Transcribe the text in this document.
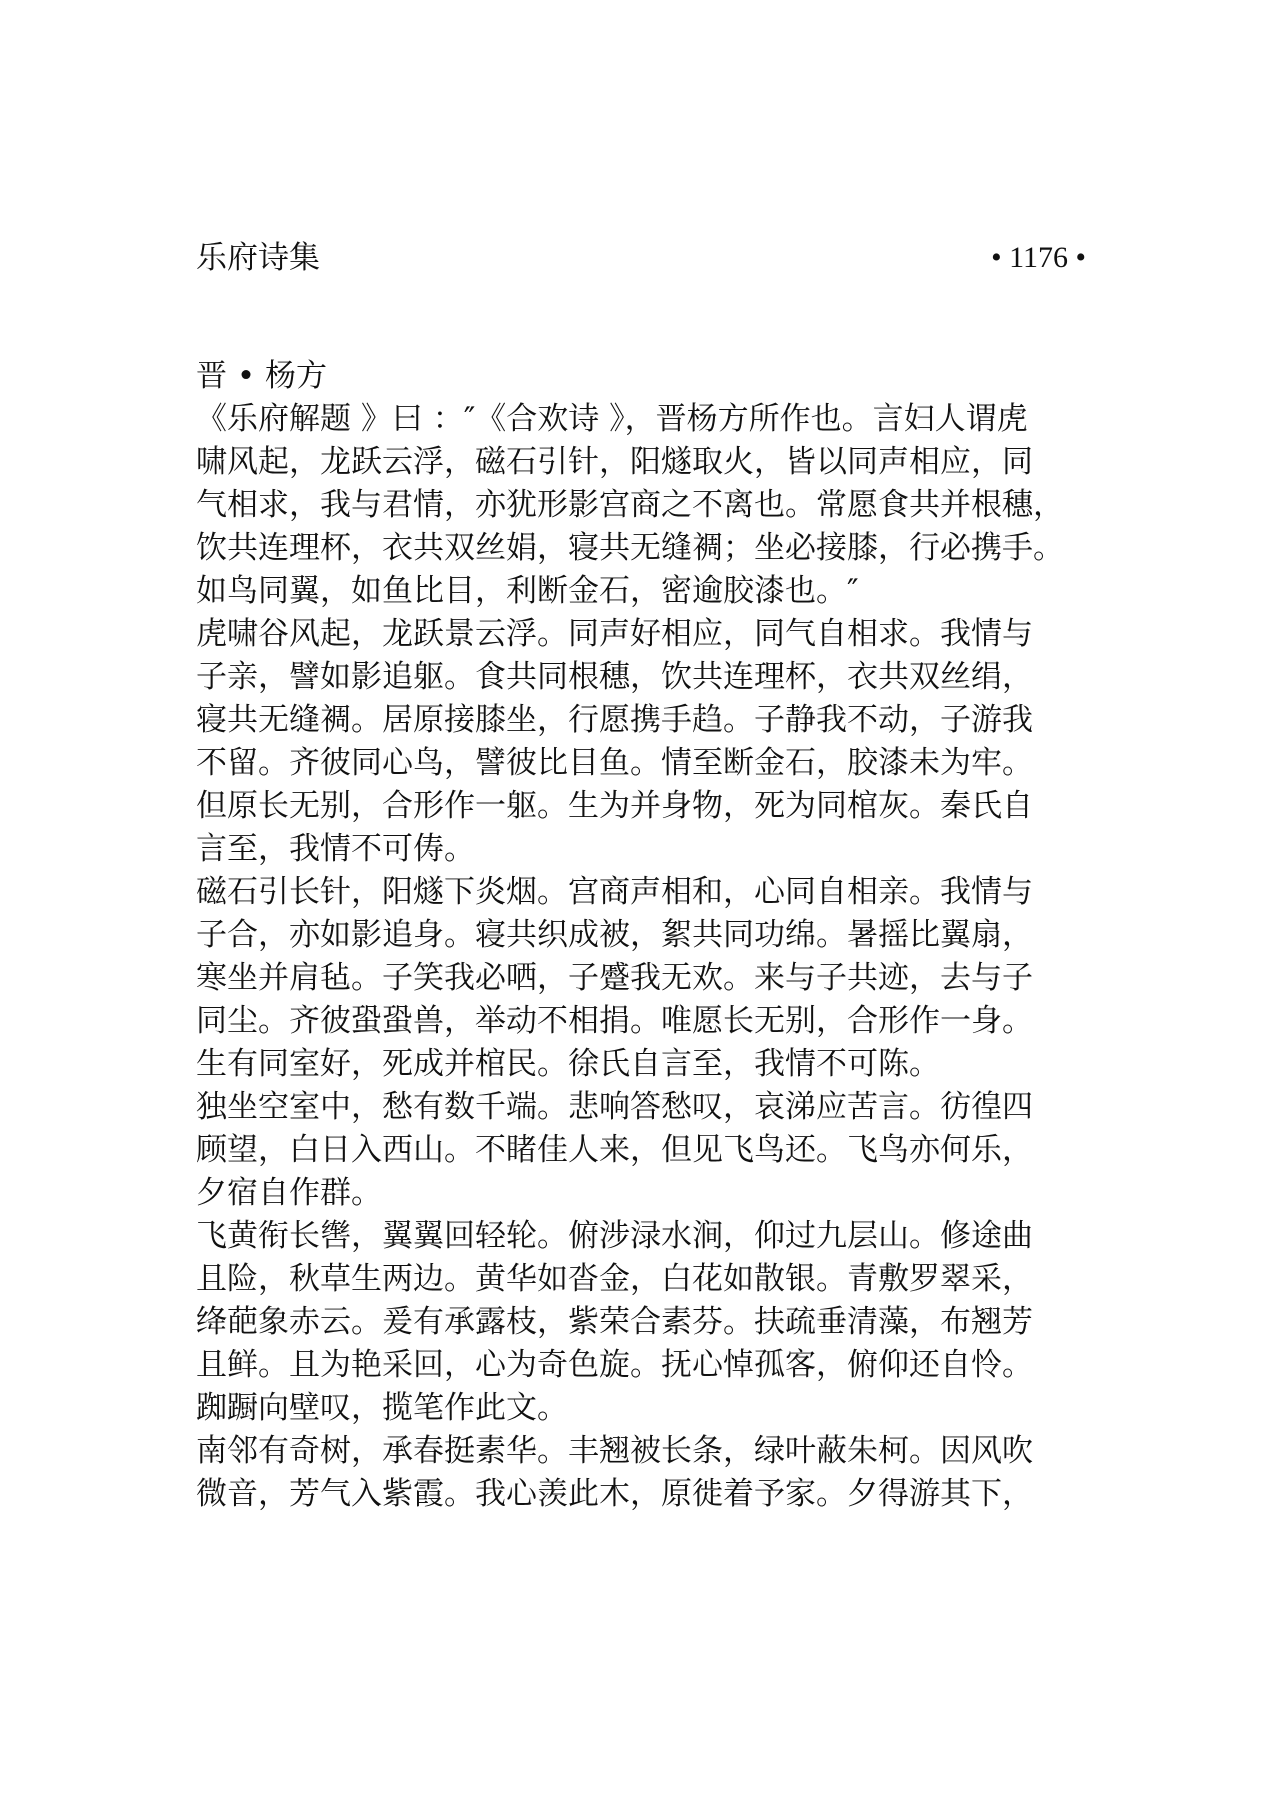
乐府诗集	• 1176 •

晋 • 杨方

《乐府解题 》曰 ：″《合欢诗 》，晋杨方所作也。言妇人谓虎
啸风起，龙跃云浮，磁石引针，阳燧取火，皆以同声相应，同
气相求，我与君情，亦犹形影宫商之不离也。常愿食共并根穗，
饮共连理杯，衣共双丝娟，寝共无缝裯；坐必接膝，行必携手。
如鸟同翼，如鱼比目，利断金石，密逾胶漆也。″

虎啸谷风起，龙跃景云浮。同声好相应，同气自相求。我情与
子亲，譬如影追躯。食共同根穗，饮共连理杯，衣共双丝绢，
寝共无缝裯。居原接膝坐，行愿携手趋。子静我不动，子游我
不留。齐彼同心鸟，譬彼比目鱼。情至断金石，胶漆未为牢。
但原长无别，合形作一躯。生为并身物，死为同棺灰。秦氏自
言至，我情不可俦。

磁石引长针，阳燧下炎烟。宫商声相和，心同自相亲。我情与
子合，亦如影追身。寝共织成被，絮共同功绵。暑摇比翼扇，
寒坐并肩毡。子笑我必哂，子蹙我无欢。来与子共迹，去与子
同尘。齐彼蛩蛩兽，举动不相捐。唯愿长无别，合形作一身。
生有同室好，死成并棺民。徐氏自言至，我情不可陈。

独坐空室中，愁有数千端。悲响答愁叹，哀涕应苦言。彷徨四
顾望，白日入西山。不睹佳人来，但见飞鸟还。飞鸟亦何乐，
夕宿自作群。

飞黄衔长辔，翼翼回轻轮。俯涉渌水涧，仰过九层山。修途曲
且险，秋草生两边。黄华如沓金，白花如散银。青敷罗翠采，
绛葩象赤云。爰有承露枝，紫荣合素芬。扶疏垂清藻，布翘芳
且鲜。且为艳采回，心为奇色旋。抚心悼孤客，俯仰还自怜。
踟蹰向壁叹，揽笔作此文。

南邻有奇树，承春挺素华。丰翘被长条，绿叶蔽朱柯。因风吹
微音，芳气入紫霞。我心羡此木，原徙着予家。夕得游其下，
